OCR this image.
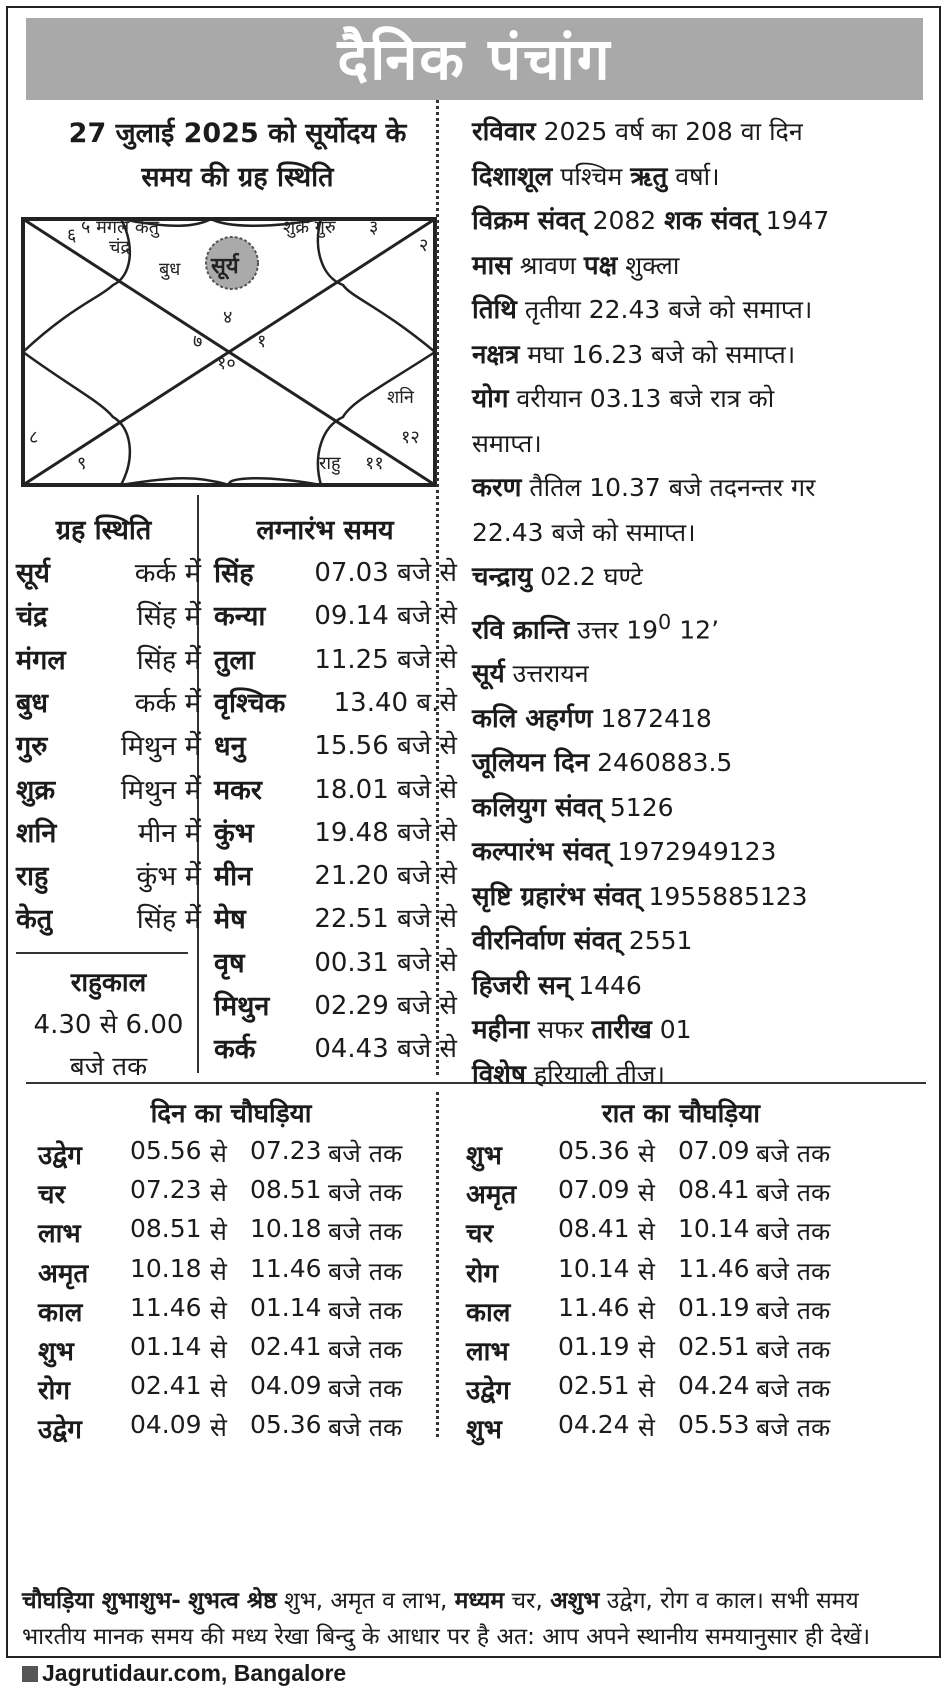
दैनिक पंचांग
27 जुलाई 2025 को सूर्योदय के
समय की ग्रह स्थिति
६ ५ मंगल केतु
चंद्र
शुक्र गुरु ३
२
बुध सूर्य
४
७	१
१०
शनि
८	१२
९	राहु ११
ग्रह स्थिति
सूर्य	कर्क में
चंद्र	सिंह में
मंगल	सिंह में
बुध	कर्क में
गुरु	मिथुन में
शुक्र मिथुन में
शनि	मीन में
राहु	कुंभ में
केतु	सिंह में
लग्नारंभ समय
सिंह 07.03 बजे से
कन्या 09.14 बजे से
तुला 11.25 बजे से
वृश्चिक 13.40 ब.से
धनु	15.56 बजे से
मकर 18.01 बजे से
कुंभ 19.48 बजे से
मीन 21.20 बजे से
मेष	22.51 बजे से
वृष	00.31 बजे से
मिथुन 02.29 बजे से
कर्क 04.43 बजे से
राहुकाल
4.30 से 6.00
बजे तक
रविवार 2025 वर्ष का 208 वा दिन
दिशाशूल पश्चिम ऋतु वर्षा।
विक्रम संवत् 2082 शक संवत् 1947
मास श्रावण पक्ष शुक्ला
तिथि तृतीया 22.43 बजे को समाप्त।
नक्षत्र मघा 16.23 बजे को समाप्त।
योग वरीयान 03.13 बजे रात्र को
समाप्त।
करण तैतिल 10.37 बजे तदनन्तर गर
22.43 बजे को समाप्त।
चन्द्रायु 02.2 घण्टे
रवि क्रान्ति उत्तर $19^0$ 12’
सूर्य उत्तरायन
कलि अहर्गण 1872418
जूलियन दिन 2460883.5
कलियुग संवत् 5126
कल्पारंभ संवत् 1972949123
सृष्टि ग्रहारंभ संवत् 1955885123
वीरनिर्वाण संवत् 2551
हिजरी सन् 1446
महीना सफर तारीख 01
विशेष हरियाली तीज।
दिन का चौघड़िया	रात का चौघड़िया
उद्वेग 05.56 से 07.23 बजे तक
चर	07.23 से 08.51 बजे तक
लाभ 08.51 से 10.18 बजे तक
अमृत 10.18 से 11.46 बजे तक
काल 11.46 से 01.14 बजे तक
शुभ 01.14 से 02.41 बजे तक
रोग 02.41 से 04.09 बजे तक
उद्वेग 04.09 से 05.36 बजे तक
शुभ 05.36 से 07.09 बजे तक
अमृत 07.09 से 08.41 बजे तक
चर	08.41 से 10.14 बजे तक
रोग 10.14 से 11.46 बजे तक
काल 11.46 से 01.19 बजे तक
लाभ 01.19 से 02.51 बजे तक
उद्वेग 02.51 से 04.24 बजे तक
शुभ 04.24 से 05.53 बजे तक
चौघड़िया शुभाशुभ- शुभत्व श्रेष्ठ शुभ, अमृत व लाभ, मध्यम चर, अशुभ उद्वेग, रोग व काल। सभी समय भारतीय मानक समय की मध्य रेखा बिन्दु के आधार पर है अत: आप अपने स्थानीय समयानुसार ही देखें। Jagrutidaur.com, Bangalore
